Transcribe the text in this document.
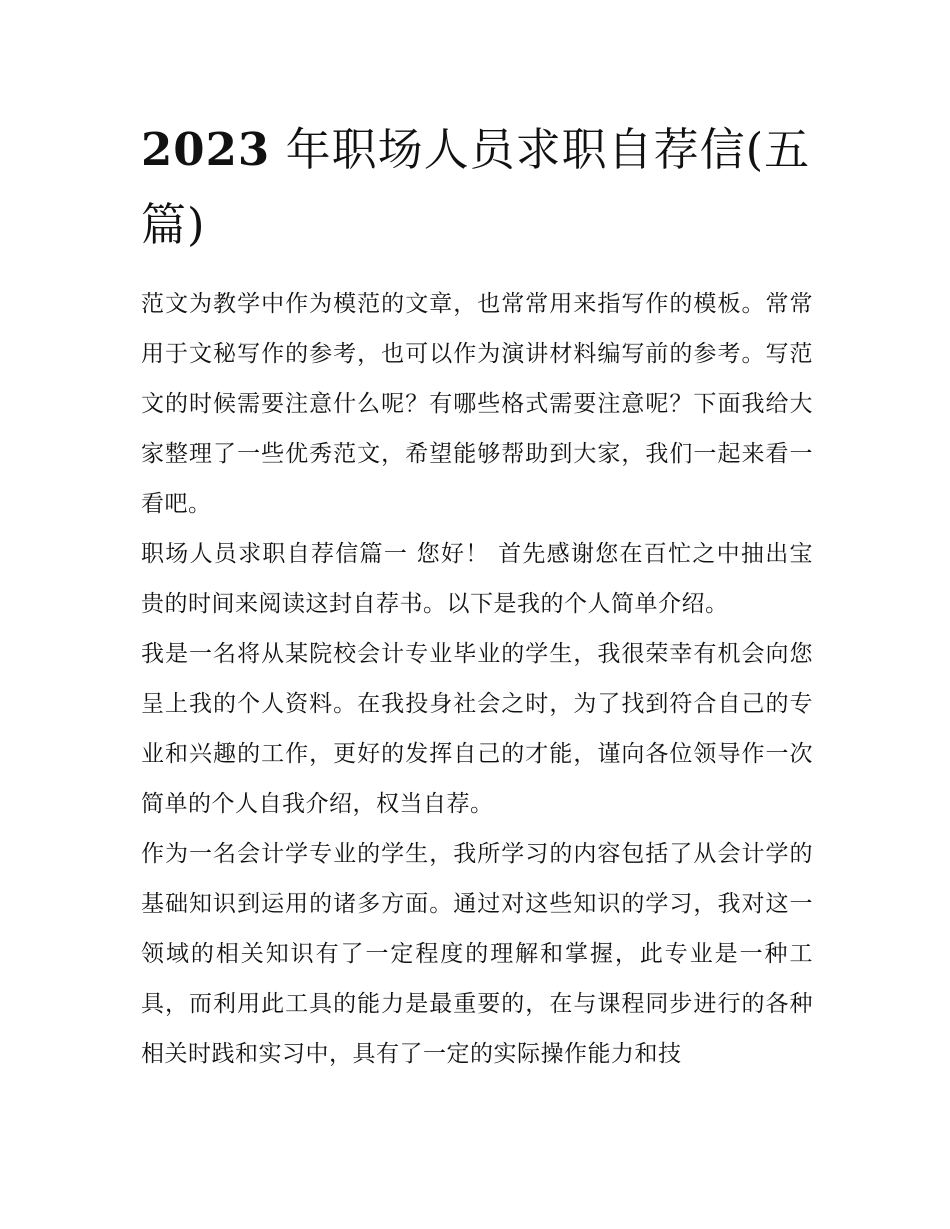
2023 年职场人员求职自荐信(五篇)

范文为教学中作为模范的文章，也常常用来指写作的模板。常常用于文秘写作的参考，也可以作为演讲材料编写前的参考。写范文的时候需要注意什么呢？有哪些格式需要注意呢？下面我给大家整理了一些优秀范文，希望能够帮助到大家，我们一起来看一看吧。

职场人员求职自荐信篇一 您好！ 首先感谢您在百忙之中抽出宝贵的时间来阅读这封自荐书。以下是我的个人简单介绍。

我是一名将从某院校会计专业毕业的学生，我很荣幸有机会向您呈上我的个人资料。在我投身社会之时，为了找到符合自己的专业和兴趣的工作，更好的发挥自己的才能，谨向各位领导作一次简单的个人自我介绍，权当自荐。

作为一名会计学专业的学生，我所学习的内容包括了从会计学的基础知识到运用的诸多方面。通过对这些知识的学习，我对这一领域的相关知识有了一定程度的理解和掌握，此专业是一种工具，而利用此工具的能力是最重要的，在与课程同步进行的各种相关时践和实习中，具有了一定的实际操作能力和技
